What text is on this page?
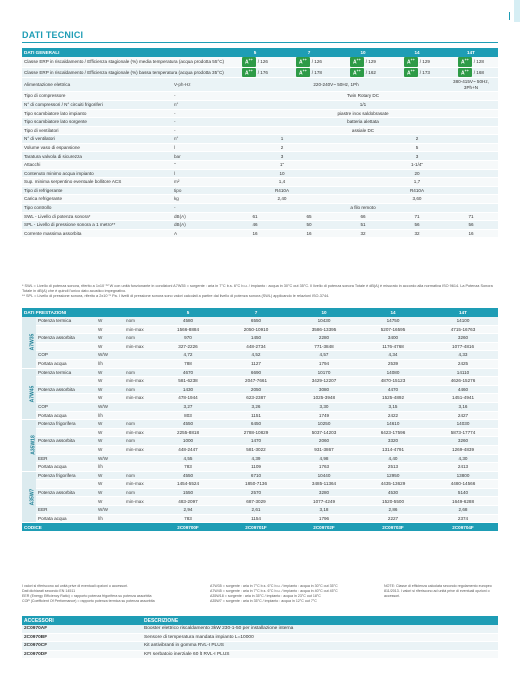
DATI TECNICI
DATI GENERALI		5	7	10	14	14T
Classe ERP in riscaldamento / Efficienza stagionale (%) media temperatura (acqua prodotta 55°C)		A++ / 126	A++ / 126	A++ / 129	A++ / 129	A++ / 128
Classe ERP in riscaldamento / Efficienza stagionale (%) bassa temperatura (acqua prodotta 35°C)		A++ / 176	A++ / 178	A++ / 162	A++ / 173	A++ / 168
Alimentazione elettrica	V-ph-Hz	220-240V~ 50Hz, 1Ph				380-415V~ 50Hz, 3Ph+N
Tipo di compressore	-	Twin Rotary DC				
N° di compressori / N° circuiti frigoriferi	n°	1/1				
Tipo scambiatore lato impianto	-	piastre inox saldobrasate				
Tipo scambiatore lato sorgente	-	batteria alettata				
Tipo di ventilatori	-	assiale DC				
N° di ventilatori	n°	1		2		
Volume vaso di espansione	l	2		5		
Taratura valvola di sicurezza	bar	3		3		
Attacchi	"	1"		1-1/4"		
Contenuto minimo acqua impianto	l	10		20		
Sup. minima serpentino eventuale bollitore ACS	m²	1,4		1,7		
Tipo di refrigerante	tipo	R410A		R410A		
Carica refrigerante	kg	2,40		3,60		
Tipo controllo	-	a filo remoto				
SWL - Livello di potenza sonora*	dB(A)	61	65	66	71	71
SPL - Livello di pressione sonora a 1 metro**	dB(A)	46	50	51	56	56
Corrente massima assorbita	A	16	16	32	32	16
* SWL = Livello di potenza sonora, riferito a 1x10⁻¹² W con unità funzionante in condizioni A7W35 = sorgente : aria in 7°C b.s. 6°C b.u. / impianto : acqua in 30°C out 35°C. Il livello di potenza sonora Totale è dB(A) è misurato in accordo alla normativa ISO 9614. La Potenza Sonora Totale in dB(A) che è quindi l'unico dato acustico impegnativo.
** SPL = Livello di pressione sonora, riferito a 2x10⁻⁵ Pa. I livelli di pressione sonora sono valori calcolati a partire dal livello di potenza sonora (SWL) applicando le relazioni ISO-3744.
DATI PRESTAZIONI				5	7	10	14	14T
A7W35	Potenza termica	W	nom	4580	6550	10430	14750	14100
		W	min-max	1566-8884	2050-10910	3586-13395	5207-16595	4715-16763
	Potenza assorbita	W	nom	970	1450	2280	3400	3260
		W	min-max	327-2226	448-2734	771-3848	1176-4768	1077-4816
	COP	W/W		4,72	4,52	4,57	4,34	4,33
	Portata acqua	l/h		788	1127	1794	2539	2425
A7W45	Potenza termica	W	nom	4670	6690	10170	14080	14110
		W	min-max	581-6238	2047-7661	3429-12207	4870-15123	4626-15276
	Potenza assorbita	W	nom	1430	2050	3080	4470	4460
		W	min-max	478-1944	623-2387	1025-3948	1525-4892	1451-4941
	COP	W/W		3,27	3,26	3,30	3,15	3,16
	Portata acqua	l/h		803	1151	1749	2422	2427
A35W18	Potenza frigorifera	W	nom	4550	6450	10250	14610	14030
		W	min-max	2255-8818	2788-10829	5037-14203	6423-17596	5873-17774
	Potenza assorbita	W	nom	1000	1470	2060	3320	3260
		W	min-max	448-2447	581-3022	931-3867	1314-4791	1269-4839
	EER	W/W		4,55	4,39	4,98	4,40	4,30
	Portata acqua	l/h		783	1109	1763	2513	2413
A35W7	Potenza frigorifera	W	nom	4550	6710	10440	12950	13800
		W	min-max	1454-5524	1850-7136	3485-11364	4435-13629	4480-14566
	Potenza assorbita	W	nom	1550	2570	3280	4530	5140
		W	min-max	483-2097	687-3029	1077-4249	1520-5500	1649-6288
	EER	W/W		2,94	2,61	3,18	2,86	2,68
	Portata acqua	l/h		783	1154	1796	2227	2374
CODICE				2C09700F	2C09701F	2C09702F	2C09703F	2C09704F
I valori si riferiscono ad unità prive di eventuali opzioni o accessori.
Dati dichiarati secondo EN 14511
EER (Energy Efficiency Ratio) = rapporto potenza frigorifera su potenza assorbita
COP (Coefficient Of Performance) = rapporto potenza termica su potenza assorbita
A7W35 = sorgente : aria in 7°C b.s. 6°C b.u. / impianto : acqua in 30°C out 35°C
A7W45 = sorgente : aria in 7°C b.s. 6°C b.u. / impianto : acqua in 40°C out 45°C
A35W18 = sorgente : aria in 35°C / impianto : acqua in 23°C out 18°C
A35W7 = sorgente : aria in 35°C / impianto : acqua in 12°C out 7°C
NOTE: Classe di efficienza calcolata secondo regolamento europeo 811/2013. I valori si riferiscono ad unità prive di eventuali opzioni o accessori.
ACCESSORI	DESCRIZIONE
2C0970AF	Booster elettrico riscaldamento 3kW 230-1-50 per installazione interna
2C0970BF	Sensore di temperatura mandata impianto L=10000
2C0970CF	Kit antivibranti in gomma RVL-I PLUS
2C0970DF	KFI serbatoio inerziale 60 lt RVL-I PLUS
